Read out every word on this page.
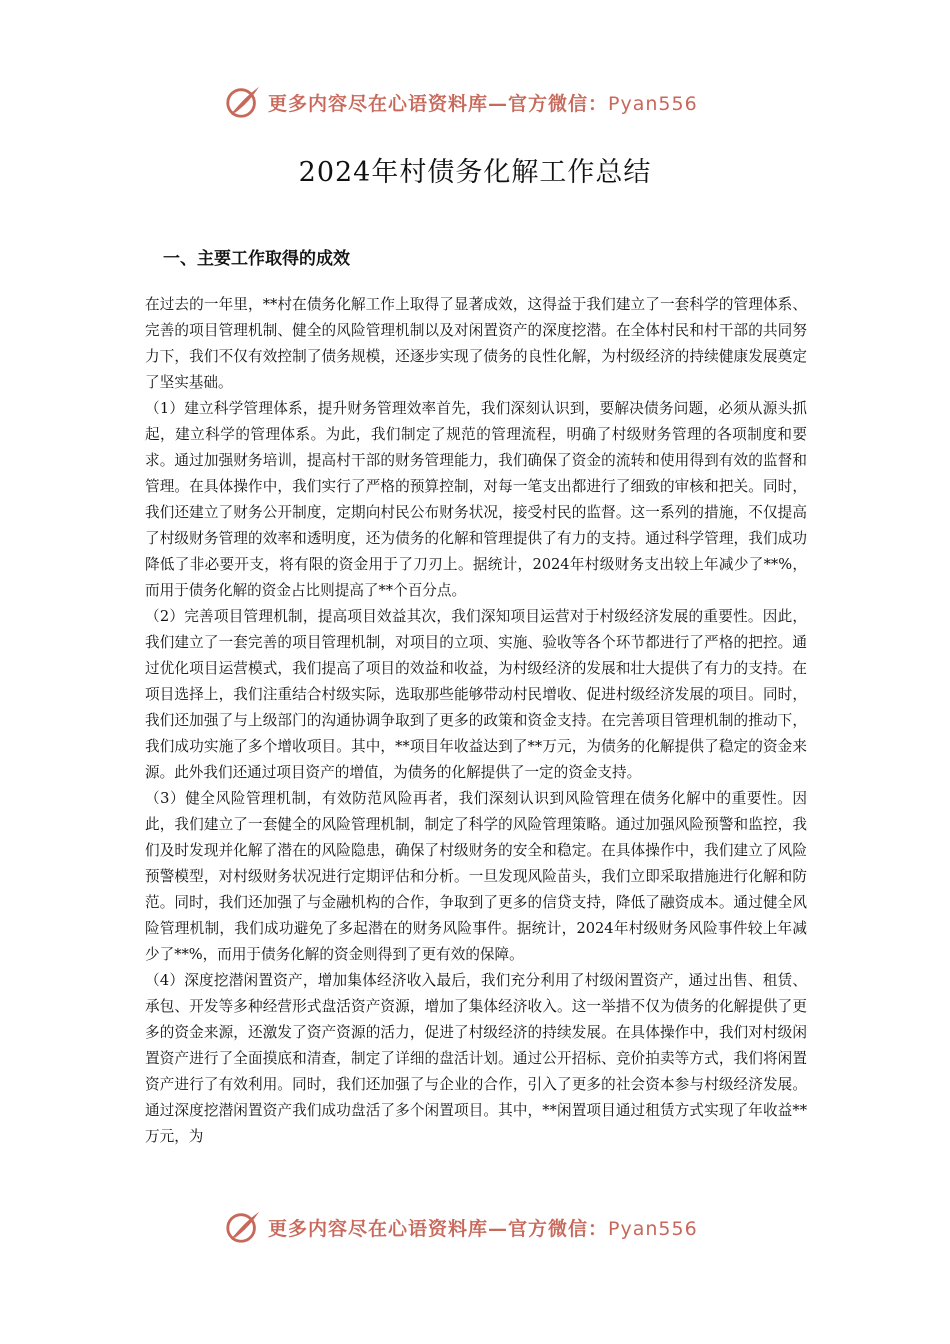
更多内容尽在心语资料库—官方微信：Pyan556
2024年村债务化解工作总结
一、主要工作取得的成效

在过去的一年里，**村在债务化解工作上取得了显著成效，这得益于我们建立了一套科学的管理体系、完善的项目管理机制、健全的风险管理机制以及对闲置资产的深度挖潜。在全体村民和村干部的共同努力下，我们不仅有效控制了债务规模，还逐步实现了债务的良性化解，为村级经济的持续健康发展奠定了坚实基础。

（1）建立科学管理体系，提升财务管理效率首先，我们深刻认识到，要解决债务问题，必须从源头抓起，建立科学的管理体系。为此，我们制定了规范的管理流程，明确了村级财务管理的各项制度和要求。通过加强财务培训，提高村干部的财务管理能力，我们确保了资金的流转和使用得到有效的监督和管理。在具体操作中，我们实行了严格的预算控制，对每一笔支出都进行了细致的审核和把关。同时，我们还建立了财务公开制度，定期向村民公布财务状况，接受村民的监督。这一系列的措施，不仅提高了村级财务管理的效率和透明度，还为债务的化解和管理提供了有力的支持。通过科学管理，我们成功降低了非必要开支，将有限的资金用于了刀刃上。据统计，2024年村级财务支出较上年减少了**%，而用于债务化解的资金占比则提高了**个百分点。

（2）完善项目管理机制，提高项目效益其次，我们深知项目运营对于村级经济发展的重要性。因此，我们建立了一套完善的项目管理机制，对项目的立项、实施、验收等各个环节都进行了严格的把控。通过优化项目运营模式，我们提高了项目的效益和收益，为村级经济的发展和壮大提供了有力的支持。在项目选择上，我们注重结合村级实际，选取那些能够带动村民增收、促进村级经济发展的项目。同时，我们还加强了与上级部门的沟通协调争取到了更多的政策和资金支持。在完善项目管理机制的推动下，我们成功实施了多个增收项目。其中，**项目年收益达到了**万元，为债务的化解提供了稳定的资金来源。此外我们还通过项目资产的增值，为债务的化解提供了一定的资金支持。

（3）健全风险管理机制，有效防范风险再者，我们深刻认识到风险管理在债务化解中的重要性。因此，我们建立了一套健全的风险管理机制，制定了科学的风险管理策略。通过加强风险预警和监控，我们及时发现并化解了潜在的风险隐患，确保了村级财务的安全和稳定。在具体操作中，我们建立了风险预警模型，对村级财务状况进行定期评估和分析。一旦发现风险苗头，我们立即采取措施进行化解和防范。同时，我们还加强了与金融机构的合作，争取到了更多的信贷支持，降低了融资成本。通过健全风险管理机制，我们成功避免了多起潜在的财务风险事件。据统计，2024年村级财务风险事件较上年减少了**%，而用于债务化解的资金则得到了更有效的保障。

（4）深度挖潜闲置资产，增加集体经济收入最后，我们充分利用了村级闲置资产，通过出售、租赁、承包、开发等多种经营形式盘活资产资源，增加了集体经济收入。这一举措不仅为债务的化解提供了更多的资金来源，还激发了资产资源的活力，促进了村级经济的持续发展。在具体操作中，我们对村级闲置资产进行了全面摸底和清查，制定了详细的盘活计划。通过公开招标、竞价拍卖等方式，我们将闲置资产进行了有效利用。同时，我们还加强了与企业的合作，引入了更多的社会资本参与村级经济发展。通过深度挖潜闲置资产我们成功盘活了多个闲置项目。其中，**闲置项目通过租赁方式实现了年收益**万元，为

更多内容尽在心语资料库—官方微信：Pyan556
